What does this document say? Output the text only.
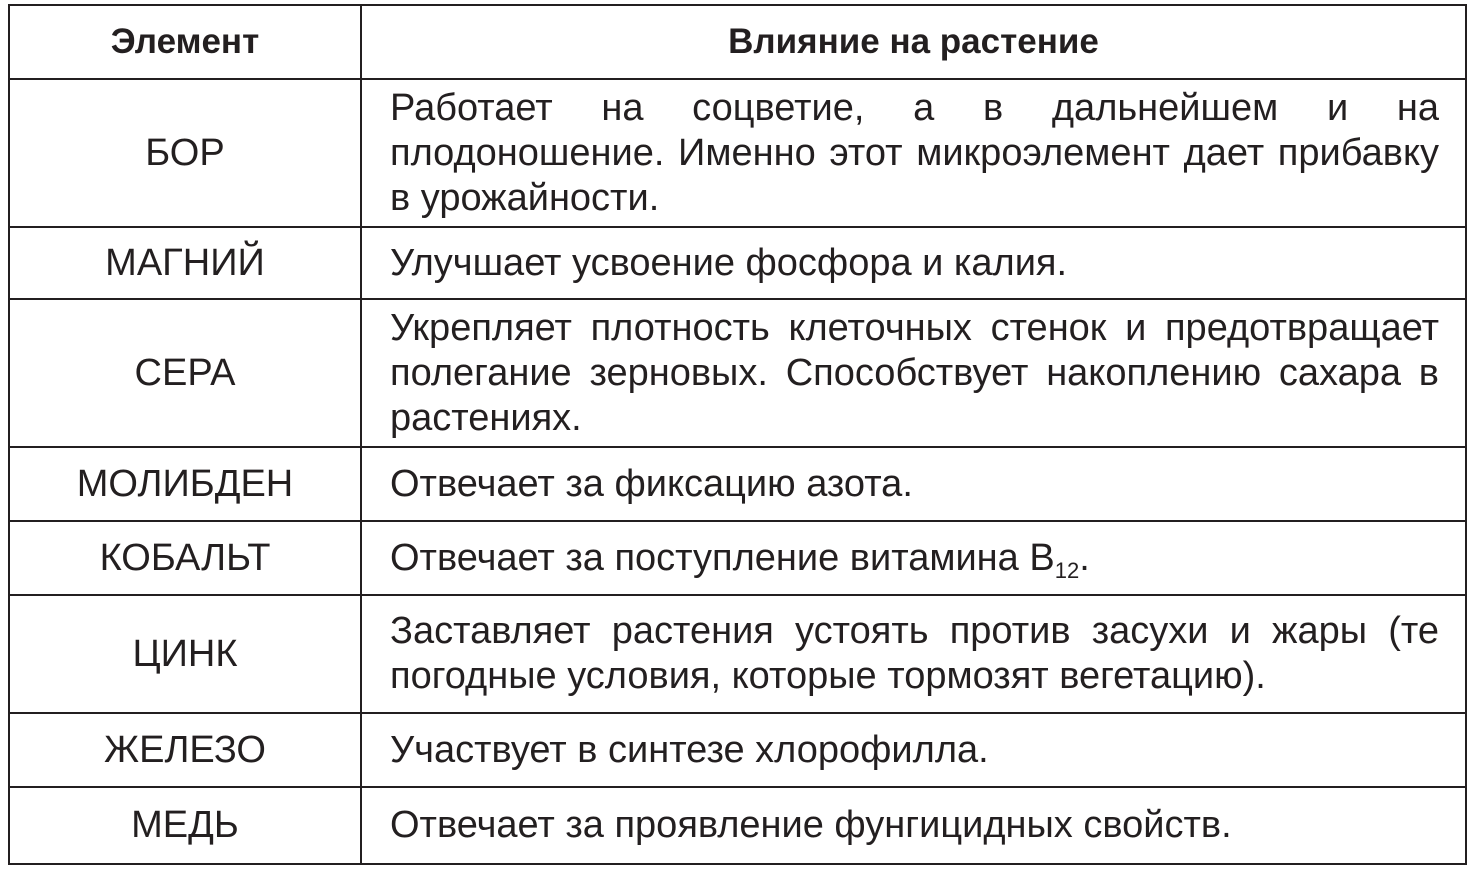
Элемент	Влияние на растение
БОР	Работает на соцветие, а в дальнейшем и на плодоношение. Именно этот микроэлемент дает прибавку в урожайности.
МАГНИЙ	Улучшает усвоение фосфора и калия.
СЕРА	Укрепляет плотность клеточных стенок и предотвращает полегание зерновых. Способствует накоплению сахара в растениях.
МОЛИБДЕН	Отвечает за фиксацию азота.
КОБАЛЬТ	Отвечает за поступление витамина $B_{12}$.
ЦИНК	Заставляет растения устоять против засухи и жары (те погодные условия, которые тормозят вегетацию).
ЖЕЛЕЗО	Участвует в синтезе хлорофилла.
МЕДЬ	Отвечает за проявление фунгицидных свойств.
